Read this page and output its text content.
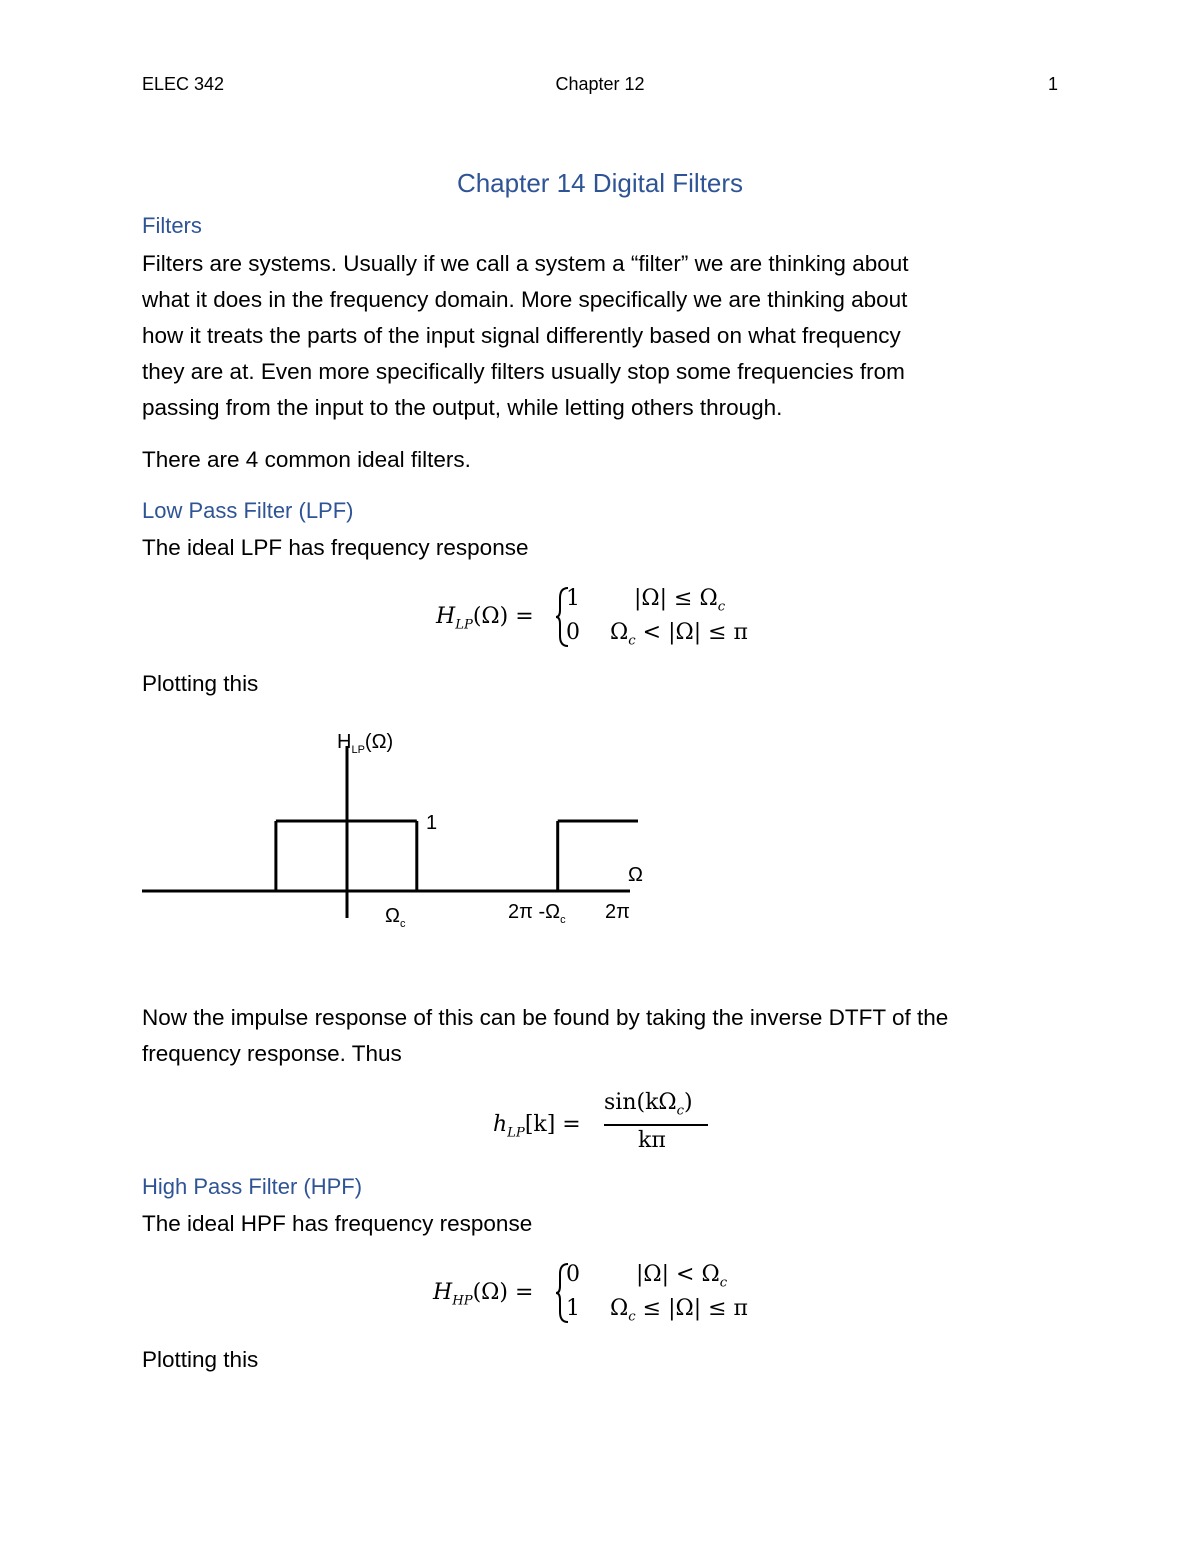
ELEC 342	Chapter 12	1
Chapter 14 Digital Filters
Filters
Filters are systems. Usually if we call a system a “filter” we are thinking about
what it does in the frequency domain. More specifically we are thinking about
how it treats the parts of the input signal differently based on what frequency
they are at. Even more specifically filters usually stop some frequencies from
passing from the input to the output, while letting others through.
There are 4 common ideal filters.
Low Pass Filter (LPF)
The ideal LPF has frequency response
$H_{LP}(\Omega)$ =
1 $|\Omega| \le \Omega_c$
0 $\Omega_c < |\Omega| \le \pi$
Plotting this
$H_{LP}(\Omega)$
1
Ω
$\Omega_c$
2π $-\Omega_c$ 2π
Now the impulse response of this can be found by taking the inverse DTFT of the
frequency response. Thus
$h_{LP}[k]$ =
$\sin(k\Omega_c)$
kπ
High Pass Filter (HPF)
The ideal HPF has frequency response
$H_{HP}(\Omega)$ =
0	$|\Omega| < \Omega_c$
1 $\Omega_c \le |\Omega| \le \pi$
Plotting this
